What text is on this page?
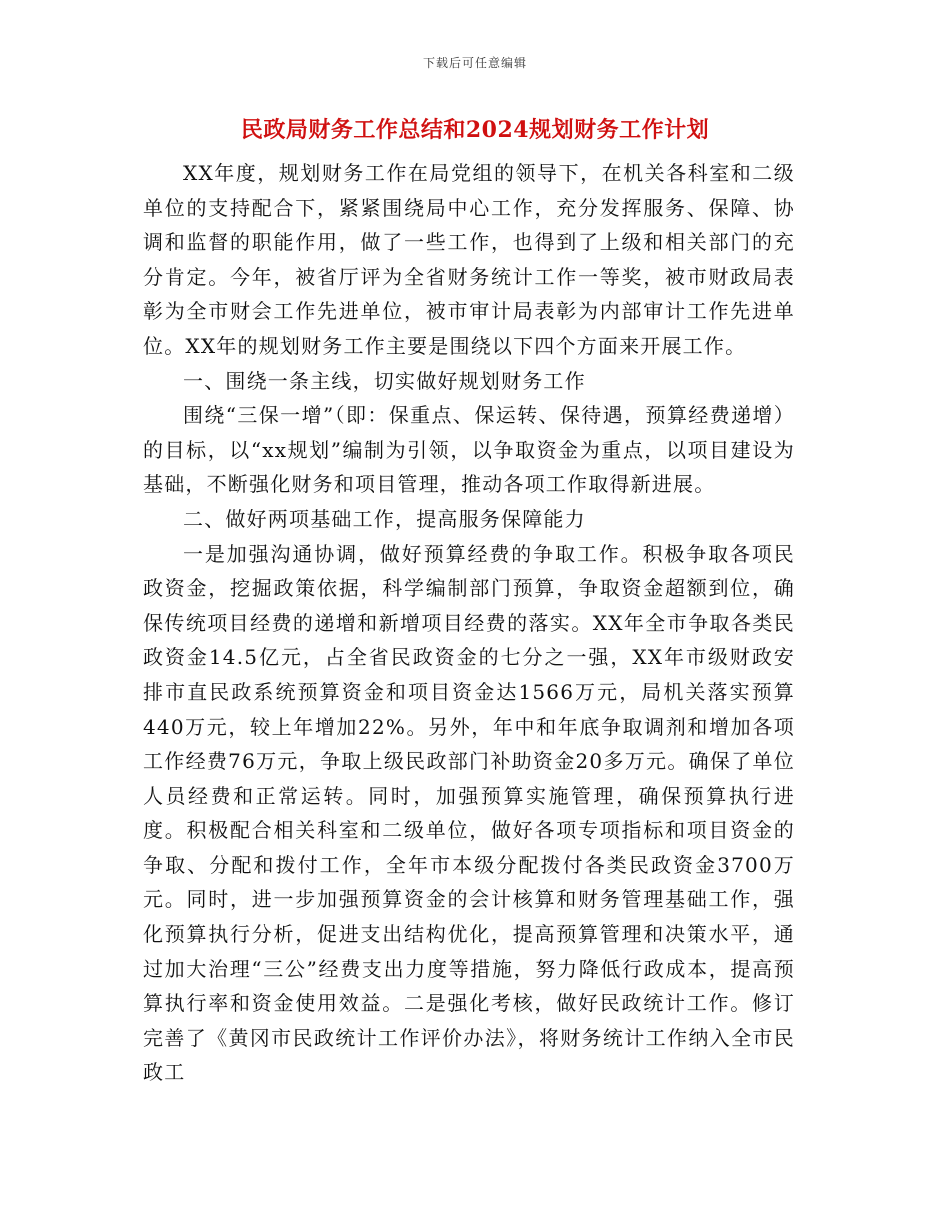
下载后可任意编辑
民政局财务工作总结和2024规划财务工作计划

XX年度，规划财务工作在局党组的领导下，在机关各科室和二级单位的支持配合下，紧紧围绕局中心工作，充分发挥服务、保障、协调和监督的职能作用，做了一些工作，也得到了上级和相关部门的充分肯定。今年，被省厅评为全省财务统计工作一等奖，被市财政局表彰为全市财会工作先进单位，被市审计局表彰为内部审计工作先进单位。XX年的规划财务工作主要是围绕以下四个方面来开展工作。

一、围绕一条主线，切实做好规划财务工作

围绕“三保一增”（即：保重点、保运转、保待遇，预算经费递增）的目标，以“xx规划”编制为引领，以争取资金为重点，以项目建设为基础，不断强化财务和项目管理，推动各项工作取得新进展。

二、做好两项基础工作，提高服务保障能力

一是加强沟通协调，做好预算经费的争取工作。积极争取各项民政资金，挖掘政策依据，科学编制部门预算，争取资金超额到位，确保传统项目经费的递增和新增项目经费的落实。XX年全市争取各类民政资金14.5亿元，占全省民政资金的七分之一强，XX年市级财政安排市直民政系统预算资金和项目资金达1566万元，局机关落实预算440万元，较上年增加22%。另外，年中和年底争取调剂和增加各项工作经费76万元，争取上级民政部门补助资金20多万元。确保了单位人员经费和正常运转。同时，加强预算实施管理，确保预算执行进度。积极配合相关科室和二级单位，做好各项专项指标和项目资金的争取、分配和拨付工作，全年市本级分配拨付各类民政资金3700万元。同时，进一步加强预算资金的会计核算和财务管理基础工作，强化预算执行分析，促进支出结构优化，提高预算管理和决策水平，通过加大治理“三公”经费支出力度等措施，努力降低行政成本，提高预算执行率和资金使用效益。二是强化考核，做好民政统计工作。修订完善了《黄冈市民政统计工作评价办法》，将财务统计工作纳入全市民政工
